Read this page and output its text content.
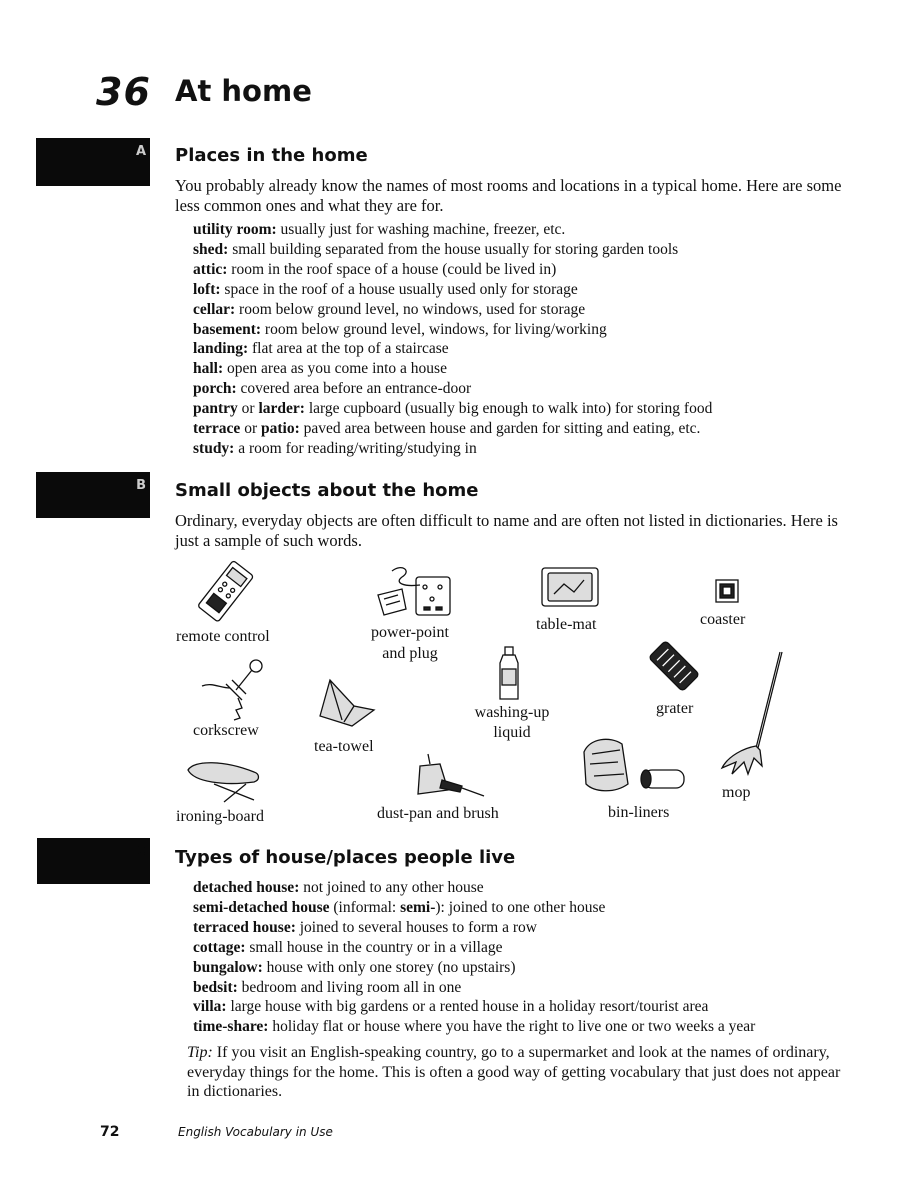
36 At home
A Places in the home
You probably already know the names of most rooms and locations in a typical home. Here are some less common ones and what they are for.
utility room: usually just for washing machine, freezer, etc.
shed: small building separated from the house usually for storing garden tools
attic: room in the roof space of a house (could be lived in)
loft: space in the roof of a house usually used only for storage
cellar: room below ground level, no windows, used for storage
basement: room below ground level, windows, for living/working
landing: flat area at the top of a staircase
hall: open area as you come into a house
porch: covered area before an entrance-door
pantry or larder: large cupboard (usually big enough to walk into) for storing food
terrace or patio: paved area between house and garden for sitting and eating, etc.
study: a room for reading/writing/studying in
B Small objects about the home
Ordinary, everyday objects are often difficult to name and are often not listed in dictionaries. Here is just a sample of such words.
remote control	power-point
and plug
table-mat	coaster
corkscrew
tea-towel
washing-up
liquid
grater
mop
ironing-board	dust-pan and brush	bin-liners
C Types of house/places people live
detached house: not joined to any other house
semi-detached house (informal: semi-): joined to one other house
terraced house: joined to several houses to form a row
cottage: small house in the country or in a village
bungalow: house with only one storey (no upstairs)
bedsit: bedroom and living room all in one
villa: large house with big gardens or a rented house in a holiday resort/tourist area
time-share: holiday flat or house where you have the right to live one or two weeks a year
Tip: If you visit an English-speaking country, go to a supermarket and look at the names of ordinary, everyday things for the home. This is often a good way of getting vocabulary that just does not appear in dictionaries.
72	English Vocabulary in Use
